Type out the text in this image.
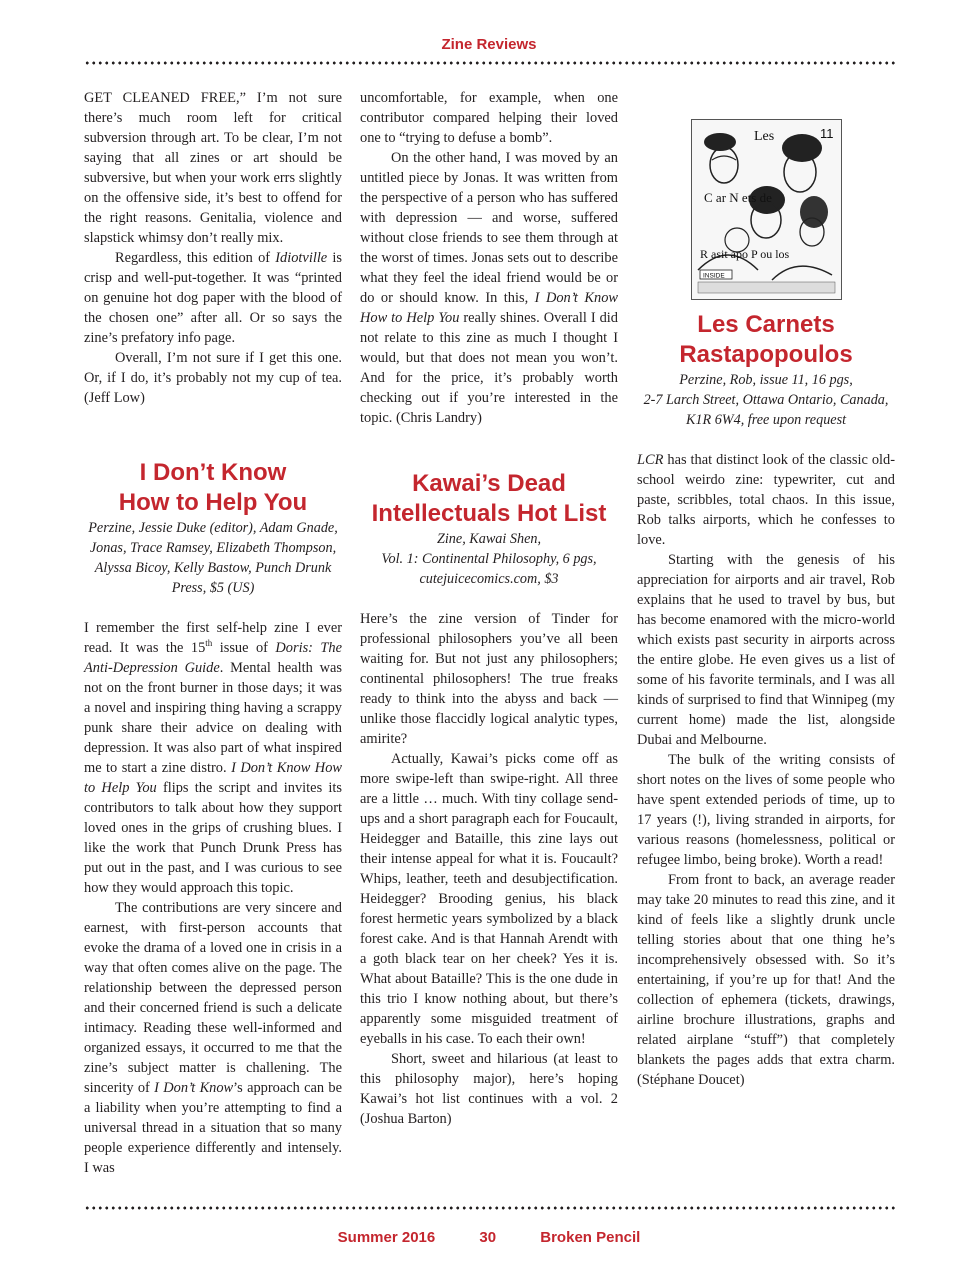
Zine Reviews

GET CLEANED FREE,” I’m not sure there’s much room left for critical subversion through art. To be clear, I’m not saying that all zines or art should be subversive, but when your work errs slightly on the offensive side, it’s best to offend for the right reasons. Genitalia, violence and slapstick whimsy don’t really mix.

Regardless, this edition of Idiotville is crisp and well-put-together. It was “printed on genuine hot dog paper with the blood of the chosen one” after all. Or so says the zine’s prefatory info page.

Overall, I’m not sure if I get this one. Or, if I do, it’s probably not my cup of tea. (Jeff Low)

I Don’t Know
How to Help You

Perzine, Jessie Duke (editor), Adam Gnade, Jonas, Trace Ramsey, Elizabeth Thompson, Alyssa Bicoy, Kelly Bastow, Punch Drunk Press, $5 (US)

I remember the first self-help zine I ever read. It was the 15th issue of Doris: The Anti-Depression Guide. Mental health was not on the front burner in those days; it was a novel and inspiring thing having a scrappy punk share their advice on dealing with depression. It was also part of what inspired me to start a zine distro. I Don’t Know How to Help You flips the script and invites its contributors to talk about how they support loved ones in the grips of crushing blues. I like the work that Punch Drunk Press has put out in the past, and I was curious to see how they would approach this topic.

The contributions are very sincere and earnest, with first-person accounts that evoke the drama of a loved one in crisis in a way that often comes alive on the page. The relationship between the depressed person and their concerned friend is such a delicate intimacy. Reading these well-informed and organized essays, it occurred to me that the zine’s subject matter is challening. The sincerity of I Don’t Know’s approach can be a liability when you’re attempting to find a universal thread in a situation that so many people experience differently and intensely. I was

uncomfortable, for example, when one contributor compared helping their loved one to “trying to defuse a bomb”.

On the other hand, I was moved by an untitled piece by Jonas. It was written from the perspective of a person who has suffered with depression — and worse, suffered without close friends to see them through at the worst of times. Jonas sets out to describe what they feel the ideal friend would be or do or should know. In this, I Don’t Know How to Help You really shines. Overall I did not relate to this zine as much I thought I would, but that does not mean you won’t. And for the price, it’s probably worth checking out if you’re interested in the topic. (Chris Landry)

Kawai’s Dead
Intellectuals Hot List

Zine, Kawai Shen,
Vol. 1: Continental Philosophy, 6 pgs,
cutejuicecomics.com, $3

Here’s the zine version of Tinder for professional philosophers you’ve all been waiting for. But not just any philosophers; continental philosophers! The true freaks ready to think into the abyss and back — unlike those flaccidly logical analytic types, amirite?

Actually, Kawai’s picks come off as more swipe-left than swipe-right. All three are a little … much. With tiny collage send-ups and a short paragraph each for Foucault, Heidegger and Bataille, this zine lays out their intense appeal for what it is. Foucault? Whips, leather, teeth and desubjectification. Heidegger? Brooding genius, his black forest hermetic years symbolized by a black forest cake. And is that Hannah Arendt with a goth black tear on her cheek? Yes it is. What about Bataille? This is the one dude in this trio I know nothing about, but there’s apparently some misguided treatment of eyeballs in his case. To each their own!

Short, sweet and hilarious (at least to this philosophy major), here’s hoping Kawai’s hot list continues with a vol. 2 (Joshua Barton)

Les	11
C ar N ets de
R asit apo P ou los
INSIDE
Les Carnets
Rastapopoulos

Perzine, Rob, issue 11, 16 pgs,
2-7 Larch Street, Ottawa Ontario, Canada,
K1R 6W4, free upon request

LCR has that distinct look of the classic old-school weirdo zine: typewriter, cut and paste, scribbles, total chaos. In this issue, Rob talks airports, which he confesses to love.

Starting with the genesis of his appreciation for airports and air travel, Rob explains that he used to travel by bus, but has become enamored with the micro-world which exists past security in airports across the entire globe. He even gives us a list of some of his favorite terminals, and I was all kinds of surprised to find that Winnipeg (my current home) made the list, alongside Dubai and Melbourne.

The bulk of the writing consists of short notes on the lives of some people who have spent extended periods of time, up to 17 years (!), living stranded in airports, for various reasons (homelessness, political or refugee limbo, being broke). Worth a read!

From front to back, an average reader may take 20 minutes to read this zine, and it kind of feels like a slightly drunk uncle telling stories about that one thing he’s incomprehensively obsessed with. So it’s entertaining, if you’re up for that! And the collection of ephemera (tickets, drawings, airline brochure illustrations, graphs and related airplane “stuff”) that completely blankets the pages adds that extra charm. (Stéphane Doucet)

Summer 2016	30	Broken Pencil
